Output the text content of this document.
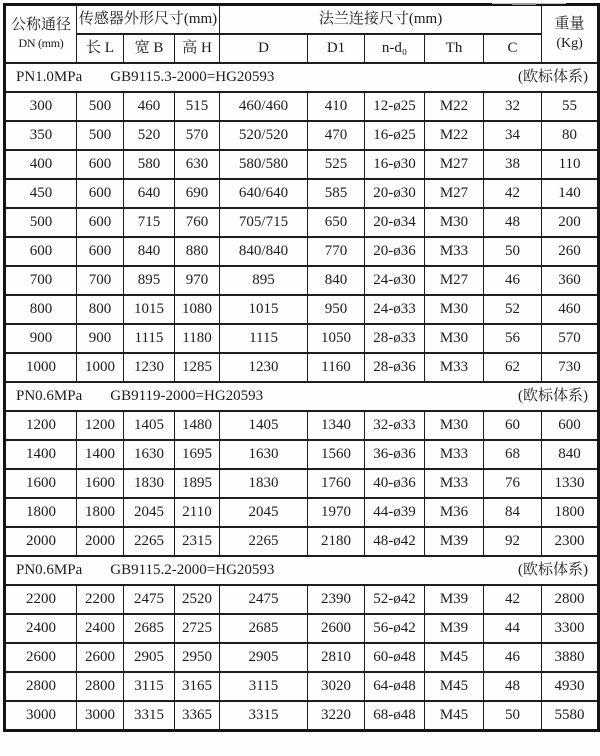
公称通径
DN (mm)
	传感器外形尺寸(mm)	法兰连接尺寸(mm)	重量
(Kg)

	长 L	宽 B	高 H	D	D1	n-d₀	Th	C	

PN1.0MPa GB9115.3-2000=HG20593 (欧标体系)									

300	500	460	515	460/460	410	12-ø25	M22	32	55
350	500	520	570	520/520	470	16-ø25	M22	34	80
400	600	580	630	580/580	525	16-ø30	M27	38	110
450	600	640	690	640/640	585	20-ø30	M27	42	140
500	600	715	760	705/715	650	20-ø34	M30	48	200
600	600	840	880	840/840	770	20-ø36	M33	50	260
700	700	895	970	895	840	24-ø30	M27	46	360
800	800	1015	1080	1015	950	24-ø33	M30	52	460
900	900	1115	1180	1115	1050	28-ø33	M30	56	570
1000	1000	1230	1285	1230	1160	28-ø36	M33	62	730

PN0.6MPa GB9119-2000=HG20593 (欧标体系)									

1200	1200	1405	1480	1405	1340	32-ø33	M30	60	600
1400	1400	1630	1695	1630	1560	36-ø36	M33	68	840
1600	1600	1830	1895	1830	1760	40-ø36	M33	76	1330
1800	1800	2045	2110	2045	1970	44-ø39	M36	84	1800
2000	2000	2265	2315	2265	2180	48-ø42	M39	92	2300

PN0.6MPa GB9115.2-2000=HG20593 (欧标体系)									

2200	2200	2475	2520	2475	2390	52-ø42	M39	42	2800
2400	2400	2685	2725	2685	2600	56-ø42	M39	44	3300
2600	2600	2905	2950	2905	2810	60-ø48	M45	46	3880
2800	2800	3115	3165	3115	3020	64-ø48	M45	48	4930
3000	3000	3315	3365	3315	3220	68-ø48	M45	50	5580
